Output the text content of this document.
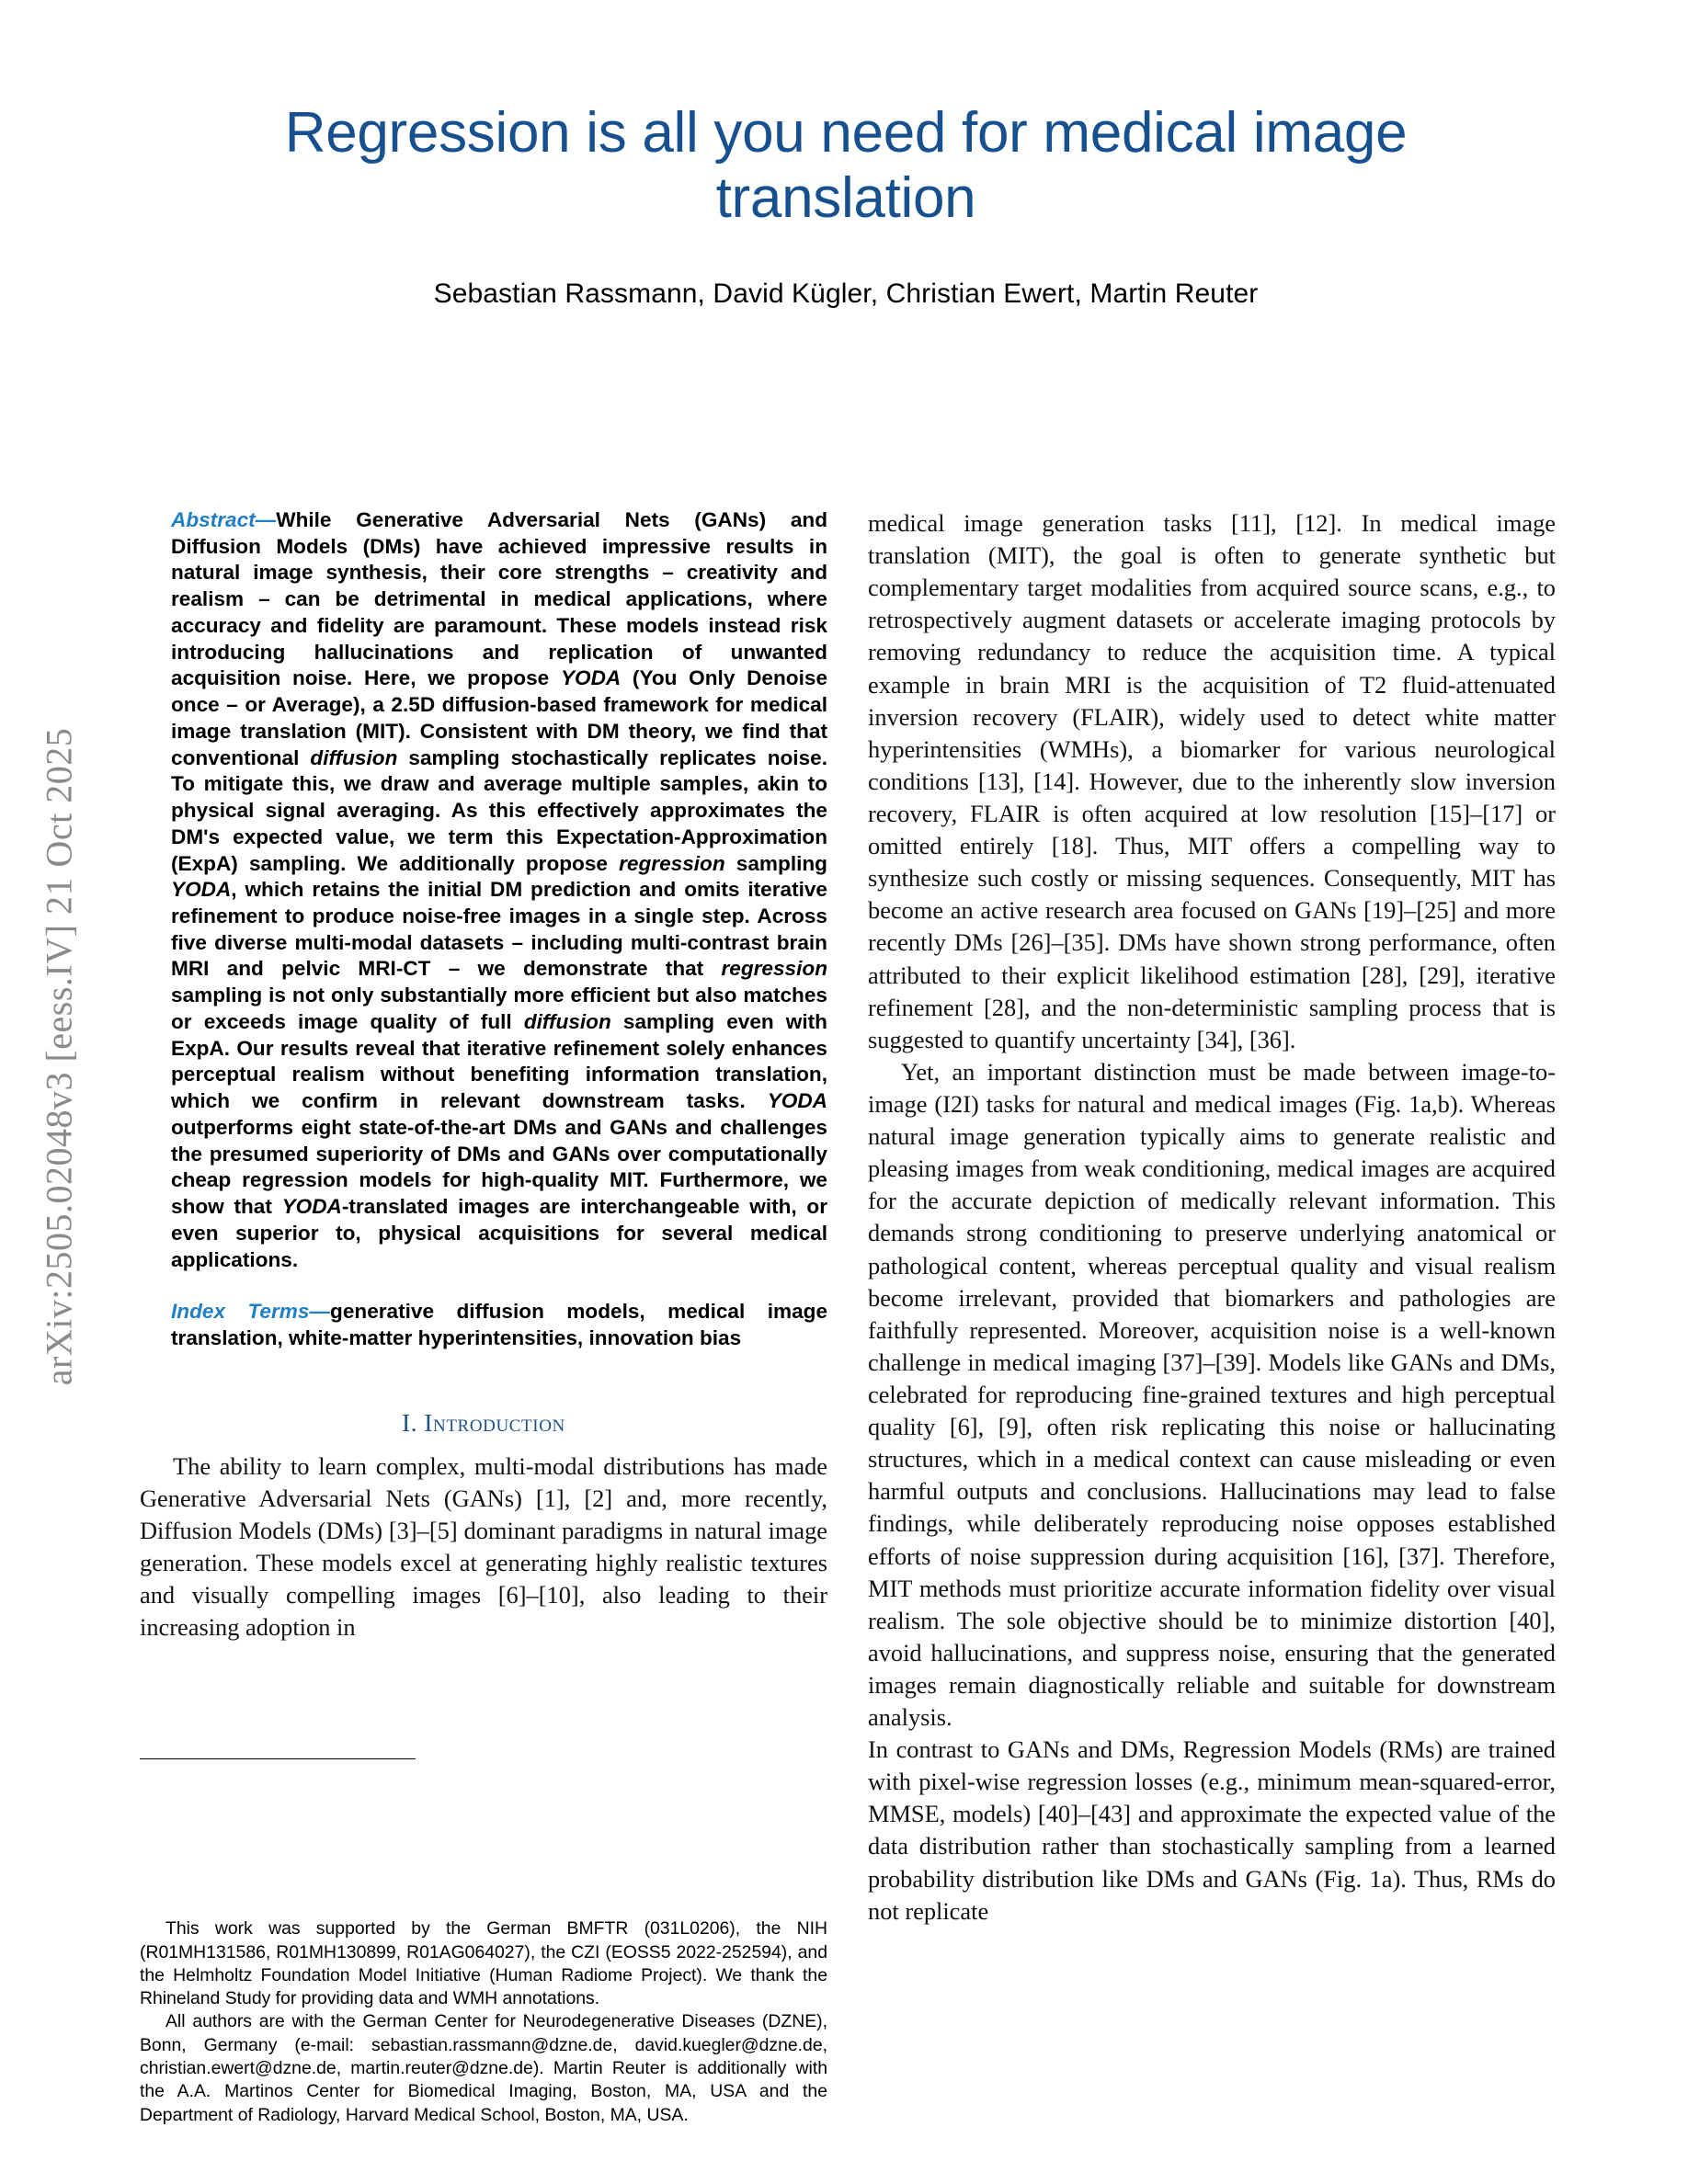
arXiv:2505.02048v3 [eess.IV] 21 Oct 2025
Regression is all you need for medical image translation
Sebastian Rassmann, David Kügler, Christian Ewert, Martin Reuter
Abstract—While Generative Adversarial Nets (GANs) and Diffusion Models (DMs) have achieved impressive results in natural image synthesis, their core strengths – creativity and realism – can be detrimental in medical applications, where accuracy and fidelity are paramount. These models instead risk introducing hallucinations and replication of unwanted acquisition noise. Here, we propose YODA (You Only Denoise once – or Average), a 2.5D diffusion-based framework for medical image translation (MIT). Consistent with DM theory, we find that conventional diffusion sampling stochastically replicates noise. To mitigate this, we draw and average multiple samples, akin to physical signal averaging. As this effectively approximates the DM's expected value, we term this Expectation-Approximation (ExpA) sampling. We additionally propose regression sampling YODA, which retains the initial DM prediction and omits iterative refinement to produce noise-free images in a single step. Across five diverse multi-modal datasets – including multi-contrast brain MRI and pelvic MRI-CT – we demonstrate that regression sampling is not only substantially more efficient but also matches or exceeds image quality of full diffusion sampling even with ExpA. Our results reveal that iterative refinement solely enhances perceptual realism without benefiting information translation, which we confirm in relevant downstream tasks. YODA outperforms eight state-of-the-art DMs and GANs and challenges the presumed superiority of DMs and GANs over computationally cheap regression models for high-quality MIT. Furthermore, we show that YODA-translated images are interchangeable with, or even superior to, physical acquisitions for several medical applications.
Index Terms—generative diffusion models, medical image translation, white-matter hyperintensities, innovation bias
I. Introduction

The ability to learn complex, multi-modal distributions has made Generative Adversarial Nets (GANs) [1], [2] and, more recently, Diffusion Models (DMs) [3]–[5] dominant paradigms in natural image generation. These models excel at generating highly realistic textures and visually compelling images [6]–[10], also leading to their increasing adoption in

This work was supported by the German BMFTR (031L0206), the NIH (R01MH131586, R01MH130899, R01AG064027), the CZI (EOSS5 2022-252594), and the Helmholtz Foundation Model Initiative (Human Radiome Project). We thank the Rhineland Study for providing data and WMH annotations.

All authors are with the German Center for Neurodegenerative Diseases (DZNE), Bonn, Germany (e-mail: sebastian.rassmann@dzne.de, david.kuegler@dzne.de, christian.ewert@dzne.de, martin.reuter@dzne.de). Martin Reuter is additionally with the A.A. Martinos Center for Biomedical Imaging, Boston, MA, USA and the Department of Radiology, Harvard Medical School, Boston, MA, USA.

medical image generation tasks [11], [12]. In medical image translation (MIT), the goal is often to generate synthetic but complementary target modalities from acquired source scans, e.g., to retrospectively augment datasets or accelerate imaging protocols by removing redundancy to reduce the acquisition time. A typical example in brain MRI is the acquisition of T2 fluid-attenuated inversion recovery (FLAIR), widely used to detect white matter hyperintensities (WMHs), a biomarker for various neurological conditions [13], [14]. However, due to the inherently slow inversion recovery, FLAIR is often acquired at low resolution [15]–[17] or omitted entirely [18]. Thus, MIT offers a compelling way to synthesize such costly or missing sequences. Consequently, MIT has become an active research area focused on GANs [19]–[25] and more recently DMs [26]–[35]. DMs have shown strong performance, often attributed to their explicit likelihood estimation [28], [29], iterative refinement [28], and the non-deterministic sampling process that is suggested to quantify uncertainty [34], [36].

Yet, an important distinction must be made between image-to-image (I2I) tasks for natural and medical images (Fig. 1a,b). Whereas natural image generation typically aims to generate realistic and pleasing images from weak conditioning, medical images are acquired for the accurate depiction of medically relevant information. This demands strong conditioning to preserve underlying anatomical or pathological content, whereas perceptual quality and visual realism become irrelevant, provided that biomarkers and pathologies are faithfully represented. Moreover, acquisition noise is a well-known challenge in medical imaging [37]–[39]. Models like GANs and DMs, celebrated for reproducing fine-grained textures and high perceptual quality [6], [9], often risk replicating this noise or hallucinating structures, which in a medical context can cause misleading or even harmful outputs and conclusions. Hallucinations may lead to false findings, while deliberately reproducing noise opposes established efforts of noise suppression during acquisition [16], [37]. Therefore, MIT methods must prioritize accurate information fidelity over visual realism. The sole objective should be to minimize distortion [40], avoid hallucinations, and suppress noise, ensuring that the generated images remain diagnostically reliable and suitable for downstream analysis.

In contrast to GANs and DMs, Regression Models (RMs) are trained with pixel-wise regression losses (e.g., minimum mean-squared-error, MMSE, models) [40]–[43] and approximate the expected value of the data distribution rather than stochastically sampling from a learned probability distribution like DMs and GANs (Fig. 1a). Thus, RMs do not replicate
